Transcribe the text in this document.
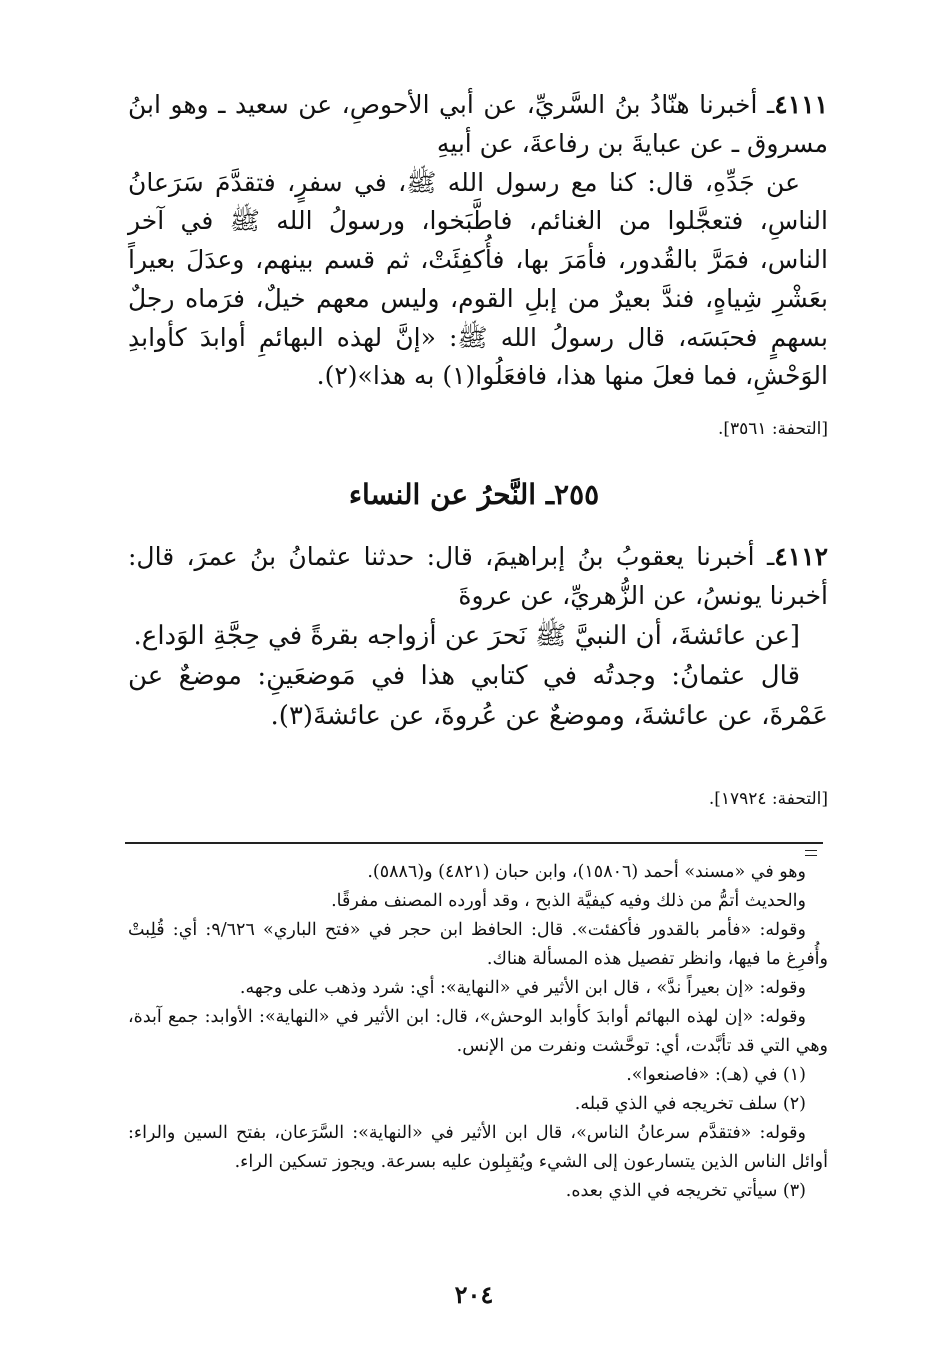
٤١١١ـ أخبرنا هنّادُ بنُ السَّريِّ، عن أبي الأحوصِ، عن سعيد ـ وهو ابنُ مسروق ـ عن عبايةَ بن رفاعةَ، عن أبيهِ

عن جَدِّهِ، قال: كنا مع رسول الله ﷺ، في سفرٍ، فتقدَّمَ سَرَعانُ الناسِ، فتعجَّلوا من الغنائم، فاطَّبَخوا، ورسولُ الله ﷺ في آخر الناس، فمَرَّ بالقُدور، فأمَرَ بها، فأُكفِئَتْ، ثم قسم بينهم، وعدَلَ بعيراً بعَشْرِ شِياهٍ، فندَّ بعيرٌ من إبلِ القوم، وليس معهم خيلٌ، فرَماه رجلٌ بسهمٍ فحبَسَه، قال رسولُ الله ﷺ: «إنَّ لهذه البهائمِ أوابدَ كأوابدِ الوَحْشِ، فما فعلَ منها هذا، فافعَلُوا(١) به هذا»(٢).

[التحفة: ٣٥٦١].
٢٥٥ـ النَّحرُ عن النساء

٤١١٢ـ أخبرنا يعقوبُ بنُ إبراهيمَ، قال: حدثنا عثمانُ بنُ عمرَ، قال: أخبرنا يونسُ، عن الزُّهريِّ، عن عروةَ

[عن عائشةَ، أن النبيَّ ﷺ نَحرَ عن أزواجه بقرةً في حِجَّةِ الوَداع.

قال عثمانُ: وجدتُه في كتابي هذا في مَوضعَينِ: موضعٌ عن عَمْرةَ، عن عائشةَ، وموضعٌ عن عُروةَ، عن عائشةَ(٣).

[التحفة: ١٧٩٢٤].

وهو في «مسند» أحمد (١٥٨٠٦)، وابن حبان (٤٨٢١) و(٥٨٨٦).

والحديث أتمُّ من ذلك وفيه كيفيَّة الذبح ، وقد أورده المصنف مفرقًا.

وقوله: «فأمر بالقدور فأكفئت». قال: الحافظ ابن حجر في «فتح الباري» ٩/٦٢٦: أي: قُلِبتْ وأُفرِغ ما فيها، وانظر تفصيل هذه المسألة هناك.

وقوله: «إن بعيراً ندَّ» ، قال ابن الأثير في «النهاية»: أي: شرد وذهب على وجهه.

وقوله: «إن لهذه البهائم أوابدَ كأوابد الوحش»، قال: ابن الأثير في «النهاية»: الأوابد: جمع آبدة، وهي التي قد تأبَّدت، أي: توحَّشت ونفرت من الإنس.

(١) في (هـ): «فاصنعوا».

(٢) سلف تخريجه في الذي قبله.

وقوله: «فتقدَّم سرعانُ الناس»، قال ابن الأثير في «النهاية»: السَّرَعان، بفتح السين والراء: أوائل الناس الذين يتسارعون إلى الشيء ويُقبِلون عليه بسرعة. ويجوز تسكين الراء.

(٣) سيأتي تخريجه في الذي بعده.

٢٠٤
